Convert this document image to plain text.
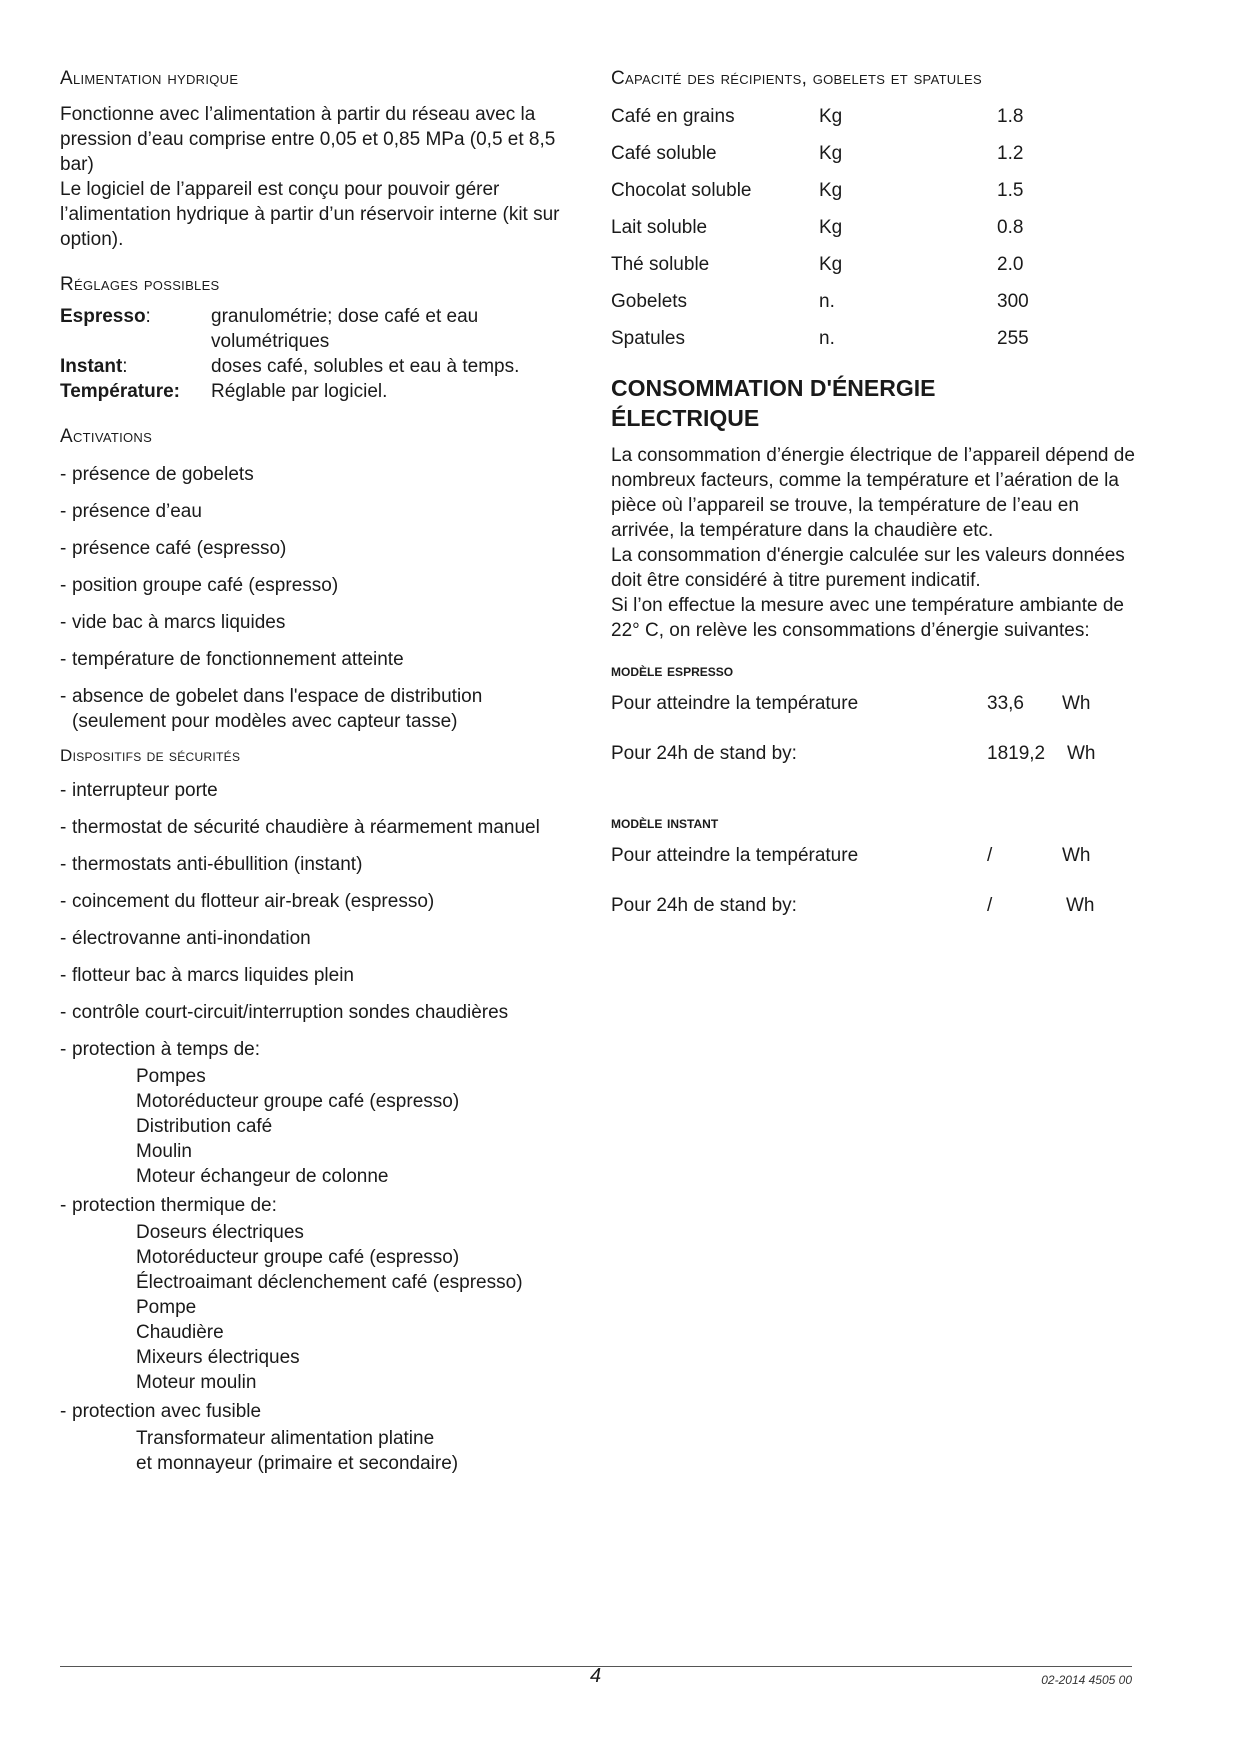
Alimentation hydrique

Fonctionne avec l’alimentation à partir du réseau avec la pression d’eau comprise entre 0,05 et 0,85 MPa (0,5 et 8,5 bar)

Le logiciel de l’appareil est conçu pour pouvoir gérer l’alimentation hydrique à partir d’un réservoir interne (kit sur option).

Réglages possibles
Espresso:	granulométrie; dose café et eau volumétriques
Instant:	doses café, solubles et eau à temps.
Température:	Réglable par logiciel.
Activations
- présence de gobelets
- présence d’eau
- présence café (espresso)
- position groupe café (espresso)
- vide bac à marcs liquides
- température de fonctionnement atteinte
- absence de gobelet dans l'espace de distribution (seulement pour modèles avec capteur tasse)
Dispositifs de sécurités
- interrupteur porte
- thermostat de sécurité chaudière à réarmement manuel
- thermostats anti-ébullition (instant)
- coincement du flotteur air-break (espresso)
- électrovanne anti-inondation
- flotteur bac à marcs liquides plein
- contrôle court-circuit/interruption sondes chaudières
- protection à temps de:
Pompes
Motoréducteur groupe café (espresso)
Distribution café
Moulin
Moteur échangeur de colonne
- protection thermique de:
Doseurs électriques
Motoréducteur groupe café (espresso)
Électroaimant déclenchement café (espresso)
Pompe
Chaudière
Mixeurs électriques
Moteur moulin
- protection avec fusible
Transformateur alimentation platine
et monnayeur (primaire et secondaire)
Capacité des récipients, gobelets et spatules
Café en grains	Kg	1.8
Café soluble	Kg	1.2
Chocolat soluble	Kg	1.5
Lait soluble	Kg	0.8
Thé soluble	Kg	2.0
Gobelets	n.	300
Spatules	n.	255
CONSOMMATION D'ÉNERGIE
ÉLECTRIQUE

La consommation d’énergie électrique de l’appareil dépend de nombreux facteurs, comme la température et l’aération de la pièce où l’appareil se trouve, la température de l’eau en arrivée, la température dans la chaudière etc.

La consommation d'énergie calculée sur les valeurs données doit être considéré à titre purement indicatif.

Si l’on effectue la mesure avec une température ambiante de 22° C, on relève les consommations d’énergie suivantes:

modèle espresso
Pour atteindre la température	33,6	Wh
Pour 24h de stand by:	1819,2	Wh
modèle instant
Pour atteindre la température	/	Wh
Pour 24h de stand by:	/	Wh
4	02-2014 4505 00
